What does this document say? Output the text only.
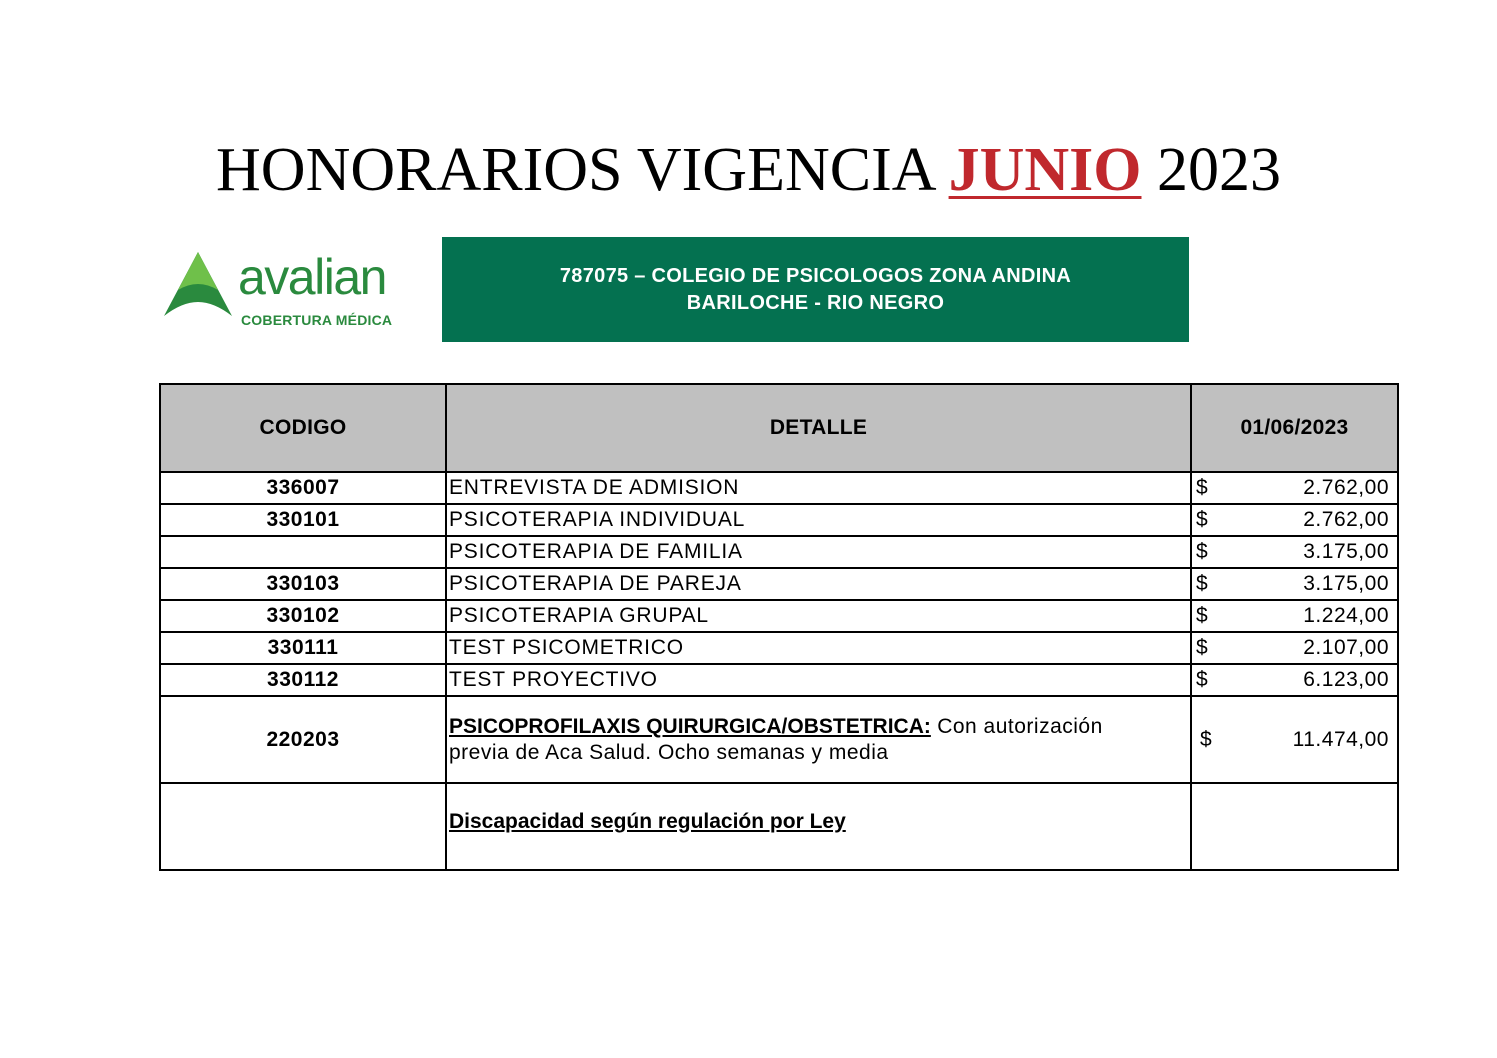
HONORARIOS VIGENCIA JUNIO 2023
avalian
COBERTURA MÉDICA
787075 – COLEGIO DE PSICOLOGOS ZONA ANDINA
BARILOCHE - RIO NEGRO
CODIGO	DETALLE	01/06/2023
336007	ENTREVISTA DE ADMISION	$ 2.762,00

330101	PSICOTERAPIA INDIVIDUAL	$ 2.762,00

	PSICOTERAPIA DE FAMILIA	$ 3.175,00

330103	PSICOTERAPIA DE PAREJA	$ 3.175,00

330102	PSICOTERAPIA GRUPAL	$ 1.224,00

330111	TEST PSICOMETRICO	$ 2.107,00

330112	TEST PROYECTIVO	$ 6.123,00

220203	PSICOPROFILAXIS QUIRURGICA/OBSTETRICA: Con autorización
previa de Aca Salud. Ocho semanas y media	$ 11.474,00

	Discapacidad según regulación por Ley	
